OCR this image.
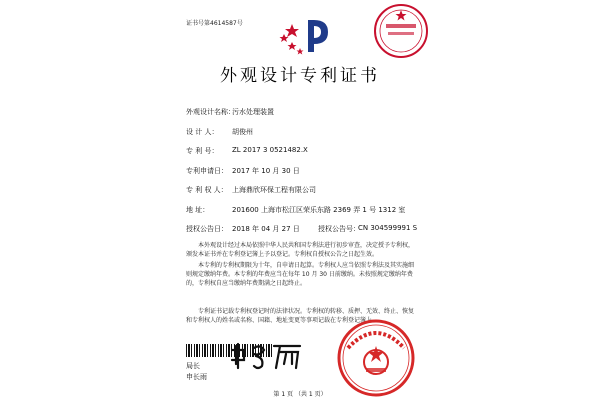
证书号第4614587号
外观设计专利证书
外观设计名称：
污水处理装置
设 计 人： 胡俊州
专 利 号： ZL 2017 3 0521482.X
专利申请日： 2017 年 10 月 30 日
专 利 权 人： 上海鼎欣环保工程有限公司
地 址：	201600 上海市松江区荣乐东路 2369 弄 1 号 1312 室
授权公告日： 2018 年 04 月 27 日	授权公告号：
CN 304599991 S
本外观设计经过本局依照中华人民共和国专利法进行初步审查，决定授予专利权，颁发本证书并在专利登记簿上予以登记。专利权自授权公告之日起生效。
本专利的专利权期限为十年，自申请日起算。专利权人应当依照专利法及其实施细则规定缴纳年费。本专利的年费应当在每年 10 月 30 日前缴纳。未按照规定缴纳年费的，专利权自应当缴纳年费期满之日起终止。
专利证书记载专利权登记时的法律状况。专利权的转移、质押、无效、终止、恢复和专利权人的姓名或名称、国籍、地址变更等事项记载在专利登记簿上。
局长
申长雨
第 1 页 （共 1 页）
